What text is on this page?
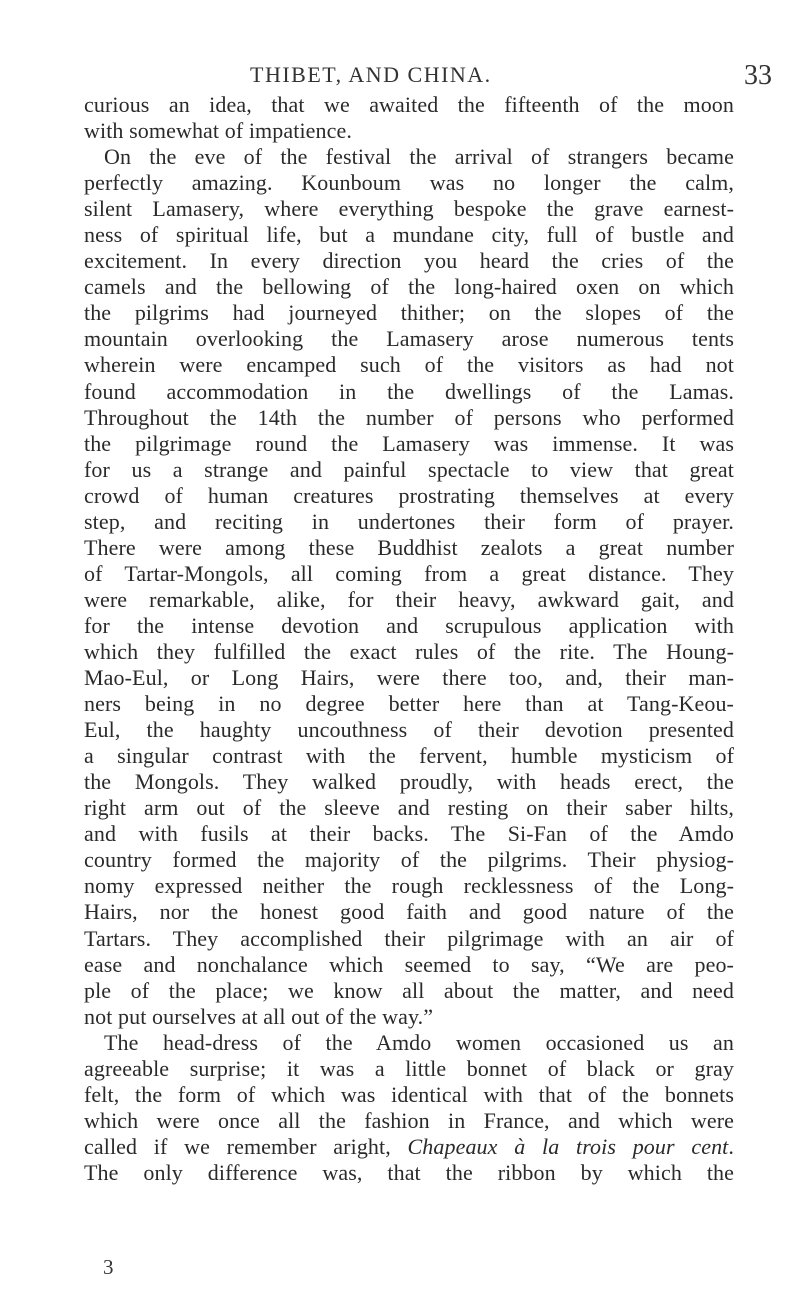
THIBET, AND CHINA.	33
curious an idea, that we awaited the fifteenth of the moon
with somewhat of impatience.
On the eve of the festival the arrival of strangers became
perfectly amazing. Kounboum was no longer the calm,
silent Lamasery, where everything bespoke the grave earnest-
ness of spiritual life, but a mundane city, full of bustle and
excitement. In every direction you heard the cries of the
camels and the bellowing of the long-haired oxen on which
the pilgrims had journeyed thither; on the slopes of the
mountain overlooking the Lamasery arose numerous tents
wherein were encamped such of the visitors as had not
found accommodation in the dwellings of the Lamas.
Throughout the 14th the number of persons who performed
the pilgrimage round the Lamasery was immense. It was
for us a strange and painful spectacle to view that great
crowd of human creatures prostrating themselves at every
step, and reciting in undertones their form of prayer.
There were among these Buddhist zealots a great number
of Tartar-Mongols, all coming from a great distance. They
were remarkable, alike, for their heavy, awkward gait, and
for the intense devotion and scrupulous application with
which they fulfilled the exact rules of the rite. The Houng-
Mao-Eul, or Long Hairs, were there too, and, their man-
ners being in no degree better here than at Tang-Keou-
Eul, the haughty uncouthness of their devotion presented
a singular contrast with the fervent, humble mysticism of
the Mongols. They walked proudly, with heads erect, the
right arm out of the sleeve and resting on their saber hilts,
and with fusils at their backs. The Si-Fan of the Amdo
country formed the majority of the pilgrims. Their physiog-
nomy expressed neither the rough recklessness of the Long-
Hairs, nor the honest good faith and good nature of the
Tartars. They accomplished their pilgrimage with an air of
ease and nonchalance which seemed to say, “We are peo-
ple of the place; we know all about the matter, and need
not put ourselves at all out of the way.”
The head-dress of the Amdo women occasioned us an
agreeable surprise; it was a little bonnet of black or gray
felt, the form of which was identical with that of the bonnets
which were once all the fashion in France, and which were
called if we remember aright, Chapeaux à la trois pour cent.
The only difference was, that the ribbon by which the
3
